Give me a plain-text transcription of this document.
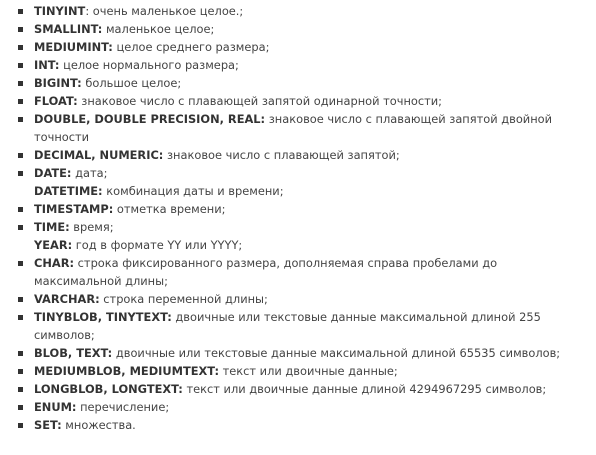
TINYINT: очень маленькое целое.;
SMALLINT: маленькое целое;
MEDIUMINT: целое среднего размера;
INT: целое нормального размера;
BIGINT: большое целое;
FLOAT: знаковое число с плавающей запятой одинарной точности;
DOUBLE, DOUBLE PRECISION, REAL: знаковое число с плавающей запятой двойной точности
DECIMAL, NUMERIC: знаковое число с плавающей запятой;
DATE: дата;
DATETIME: комбинация даты и времени;
TIMESTAMP: отметка времени;
TIME: время;
YEAR: год в формате YY или YYYY;
CHAR: строка фиксированного размера, дополняемая справа пробелами до максимальной длины;
VARCHAR: строка переменной длины;
TINYBLOB, TINYTEXT: двоичные или текстовые данные максимальной длиной 255 символов;
BLOB, TEXT: двоичные или текстовые данные максимальной длиной 65535 символов;
MEDIUMBLOB, MEDIUMTEXT: текст или двоичные данные;
LONGBLOB, LONGTEXT: текст или двоичные данные длиной 4294967295 символов;
ENUM: перечисление;
SET: множества.
